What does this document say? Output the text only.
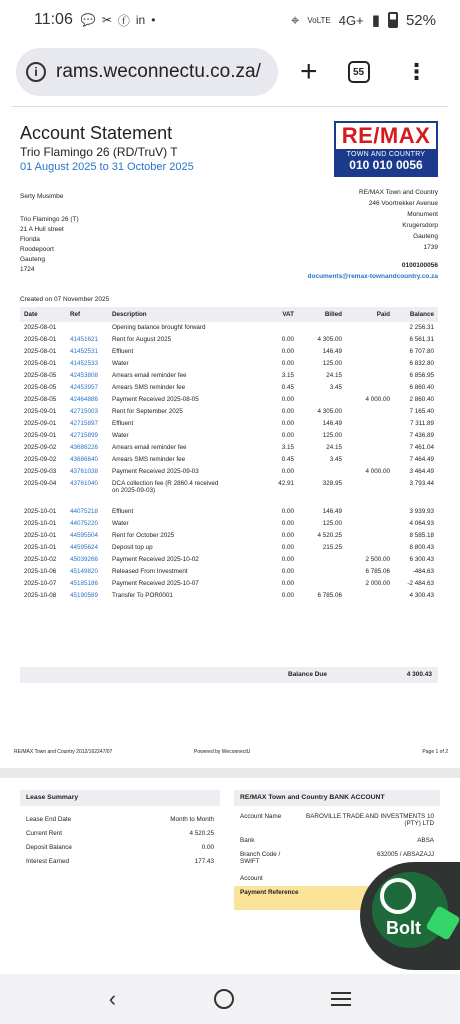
11:06 💬 ✂ ⓕ in •	⌖ VoLTE 4G+ ▮ 52%
i rams.weconnectu.co.za/ +	55 ⋮
Account Statement
Trio Flamingo 26 (RD/TruV) T
01 August 2025 to 31 October 2025
RE/MAX
TOWN AND COUNTRY
010 010 0056
Serty Musimbe
Trio Flamingo 26 (T)
21 A Hull street
Florida
Roodepoort
Gauteng
1724
RE/MAX Town and Country
246 Voortrekker Avenue
Monument
Krugersdorp
Gauteng
1739
0100100056
documents@remax-townandcountry.co.za
Created on 07 November 2025
Date	Ref	Description	VAT	Billed	Paid	Balance
2025-08-01		Opening balance brought forward				2 256.31
2025-08-01	41451621	Rent for August 2025	0.00	4 305.00		6 561.31
2025-08-01	41452531	Effluent	0.00	146.49		6 707.80
2025-08-01	41452533	Water	0.00	125.00		6 832.80
2025-08-05	42453808	Arrears email reminder fee	3.15	24.15		6 856.95
2025-08-05	42453957	Arrears SMS reminder fee	0.45	3.45		6 860.40
2025-08-05	42464886	Payment Received 2025-08-05	0.00		4 000.00	2 860.40
2025-09-01	42715003	Rent for September 2025	0.00	4 305.00		7 165.40
2025-09-01	42715897	Effluent	0.00	146.49		7 311.89
2025-09-01	42715899	Water	0.00	125.00		7 436.89
2025-09-02	43686226	Arrears email reminder fee	3.15	24.15		7 461.04
2025-09-02	43686640	Arrears SMS reminder fee	0.45	3.45		7 464.49
2025-09-03	43761038	Payment Received 2025-09-03	0.00		4 000.00	3 464.49
2025-09-04	43761040	DCA collection fee (R 2860.4 received
on 2025-09-03)	42.91	328.95		3 793.44

2025-10-01	44075218	Effluent	0.00	146.49		3 939.93
2025-10-01	44075220	Water	0.00	125.00		4 064.93
2025-10-01	44595504	Rent for October 2025	0.00	4 520.25		8 585.18
2025-10-01	44595624	Deposit top up	0.00	215.25		8 800.43
2025-10-02	45039266	Payment Received 2025-10-02	0.00		2 500.00	6 300.43
2025-10-06	45149820	Released From Investment	0.00		6 785.06	-484.63
2025-10-07	45185186	Payment Received 2025-10-07	0.00		2 000.00	-2 484.63
2025-10-08	45190589	Transfer To POR0001	0.00	6 785.06		4 300.43
Balance Due	4 300.43
RE/MAX Town and Country 2012/162247/07	Powered by WeconnectU	Page 1 of 2
Lease Summary
Lease End Date	Month to Month
Current Rent	4 520.25
Deposit Balance	0.00
Interest Earned	177.43
RE/MAX Town and Country BANK ACCOUNT
Account Name	BAROVILLE TRADE AND INVESTMENTS 10 (PTY) LTD
Bank	ABSA
Branch Code / SWIFT
632005 / ABSAZAJJ
Account
Payment Reference
Bolt
‹
